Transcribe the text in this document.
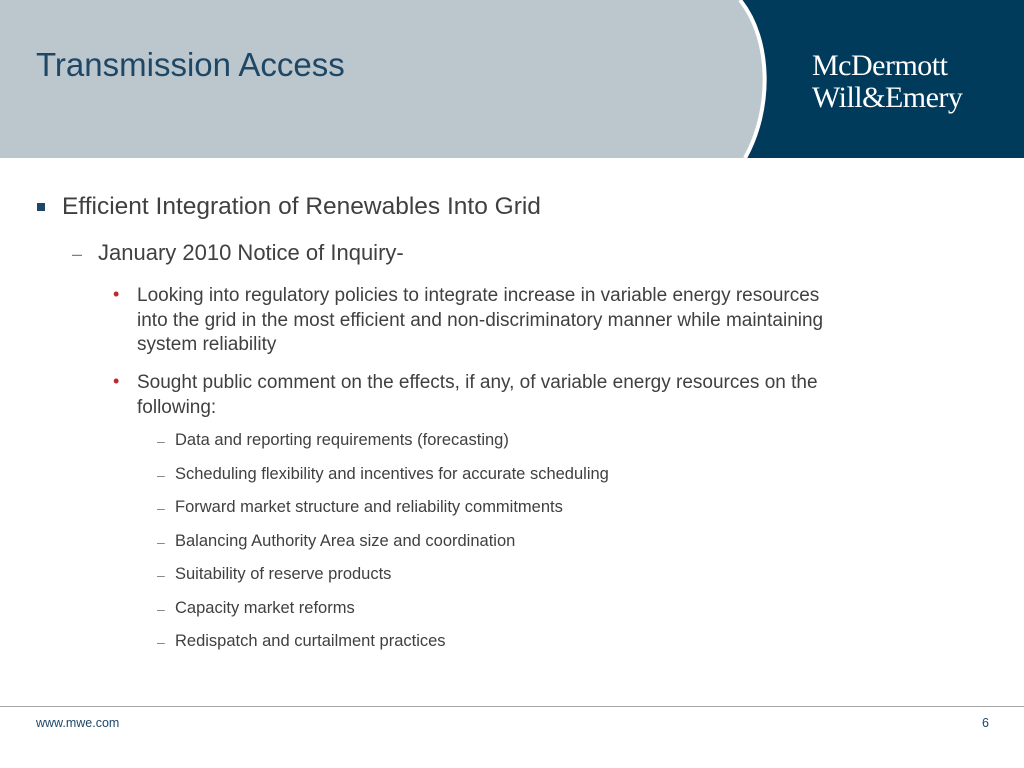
Transmission Access	McDermott
Will&Emery
Efficient Integration of Renewables Into Grid
– January 2010 Notice of Inquiry-
• Looking into regulatory policies to integrate increase in variable energy resources
into the grid in the most efficient and non-discriminatory manner while maintaining
system reliability
• Sought public comment on the effects, if any, of variable energy resources on the
following:
– Data and reporting requirements (forecasting)
– Scheduling flexibility and incentives for accurate scheduling
– Forward market structure and reliability commitments
– Balancing Authority Area size and coordination
– Suitability of reserve products
– Capacity market reforms
– Redispatch and curtailment practices
www.mwe.com	6
